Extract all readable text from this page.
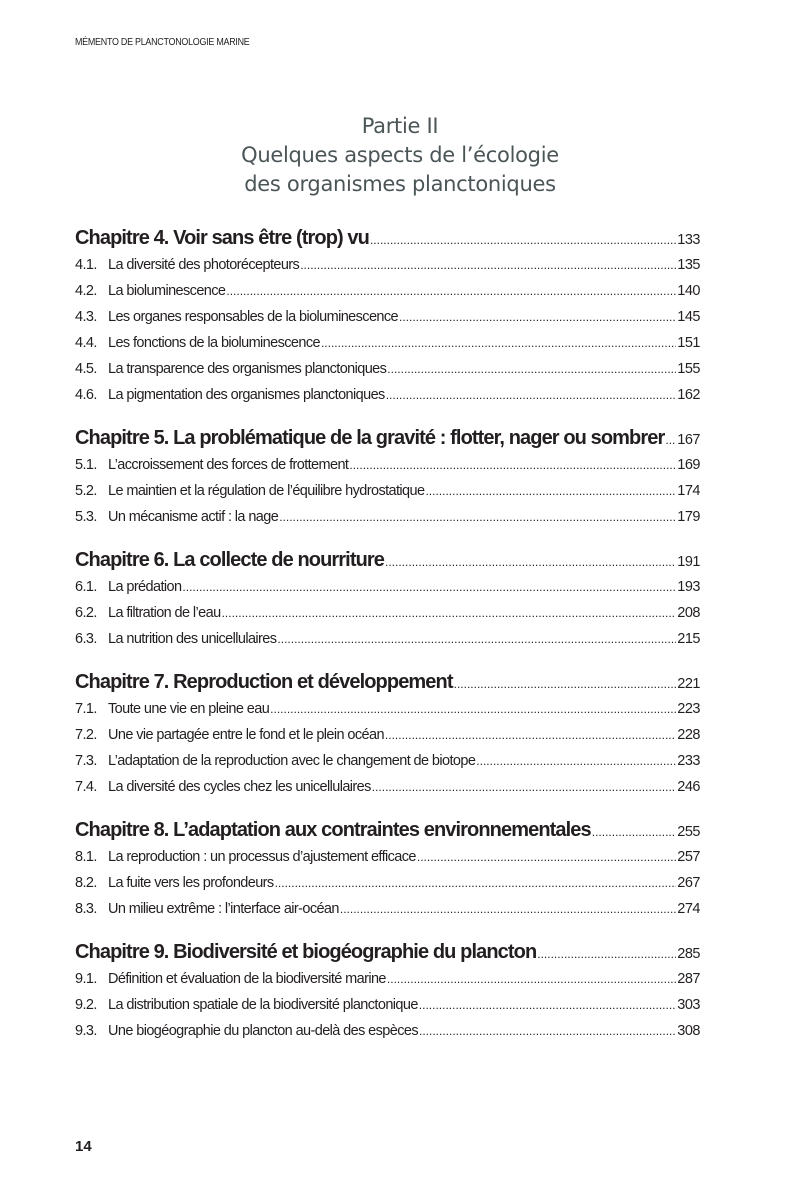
MÉMENTO DE PLANCTONOLOGIE MARINE
Partie II
Quelques aspects de l’écologie
des organismes planctoniques
Chapitre 4. Voir sans être (trop) vu .....	133
4.1. La diversité des photorécepteurs .....	135
4.2. La bioluminescence .....	140
4.3. Les organes responsables de la bioluminescence .....	145
4.4. Les fonctions de la bioluminescence .....	151
4.5. La transparence des organismes planctoniques .....	155
4.6. La pigmentation des organismes planctoniques .....	162
Chapitre 5. La problématique de la gravité : flotter, nager ou sombrer ..... 167
5.1. L’accroissement des forces de frottement .....	169
5.2. Le maintien et la régulation de l’équilibre hydrostatique .....	174
5.3. Un mécanisme actif : la nage .....	179
Chapitre 6. La collecte de nourriture .....	191
6.1. La prédation .....	193
6.2. La filtration de l’eau .....	208
6.3. La nutrition des unicellulaires .....	215
Chapitre 7. Reproduction et développement .....	221
7.1. Toute une vie en pleine eau .....	223
7.2. Une vie partagée entre le fond et le plein océan .....	228
7.3. L’adaptation de la reproduction avec le changement de biotope .....	233
7.4. La diversité des cycles chez les unicellulaires .....	246
Chapitre 8. L’adaptation aux contraintes environnementales .....	255
8.1. La reproduction : un processus d’ajustement efficace .....	257
8.2. La fuite vers les profondeurs .....	267
8.3. Un milieu extrême : l’interface air-océan .....	274
Chapitre 9. Biodiversité et biogéographie du plancton .....	285
9.1. Définition et évaluation de la biodiversité marine .....	287
9.2. La distribution spatiale de la biodiversité planctonique .....	303
9.3. Une biogéographie du plancton au-delà des espèces .....	308
14
